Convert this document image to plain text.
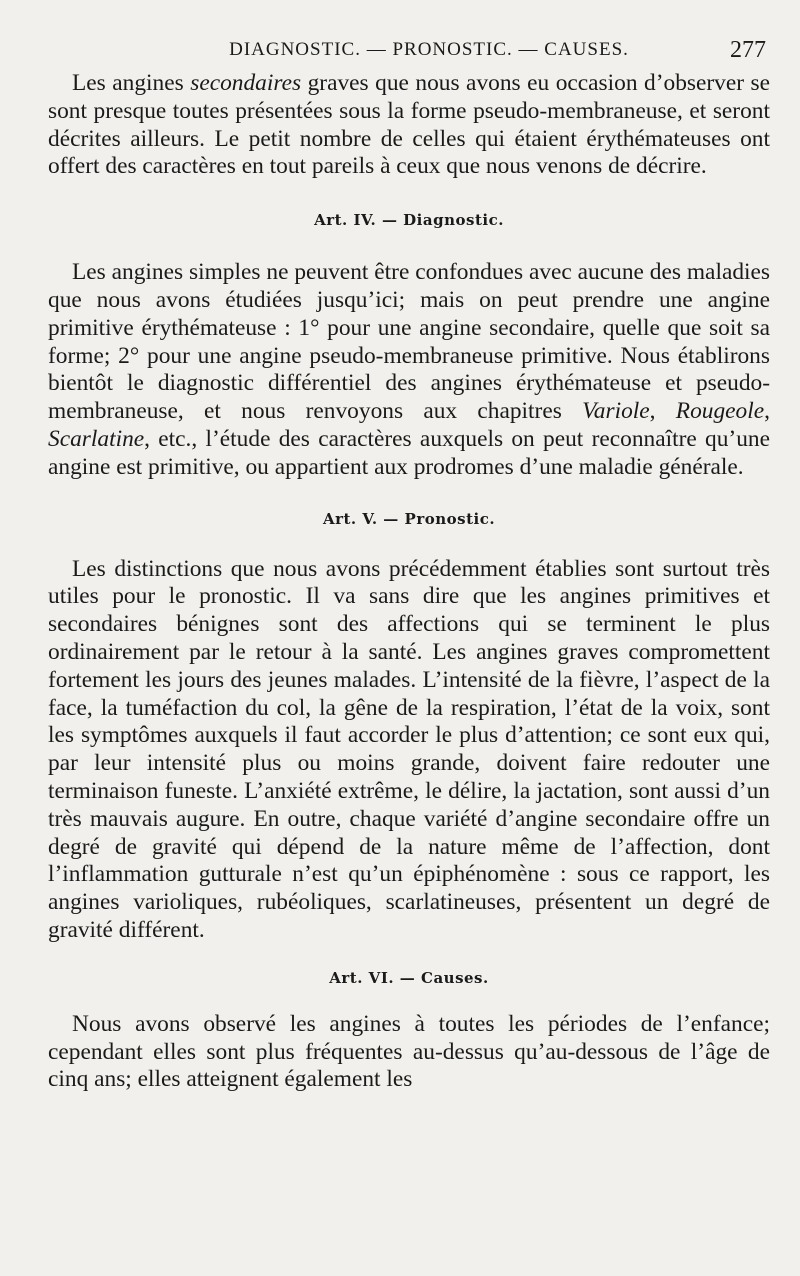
DIAGNOSTIC. — PRONOSTIC. — CAUSES.	277

Les angines secondaires graves que nous avons eu occasion d’observer se sont presque toutes présentées sous la forme pseudo-membraneuse, et seront décrites ailleurs. Le petit nombre de celles qui étaient érythémateuses ont offert des caractères en tout pareils à ceux que nous venons de décrire.

Art. IV. — Diagnostic.

Les angines simples ne peuvent être confondues avec aucune des maladies que nous avons étudiées jusqu’ici; mais on peut prendre une angine primitive érythémateuse : 1° pour une angine secondaire, quelle que soit sa forme; 2° pour une angine pseudo-membraneuse primitive. Nous établirons bientôt le diagnostic différentiel des angines érythémateuse et pseudo-membraneuse, et nous renvoyons aux chapitres Variole, Rougeole, Scarlatine, etc., l’étude des caractères auxquels on peut reconnaître qu’une angine est primitive, ou appartient aux prodromes d’une maladie générale.

Art. V. — Pronostic.

Les distinctions que nous avons précédemment établies sont surtout très utiles pour le pronostic. Il va sans dire que les angines primitives et secondaires bénignes sont des affections qui se terminent le plus ordinairement par le retour à la santé. Les angines graves compromettent fortement les jours des jeunes malades. L’intensité de la fièvre, l’aspect de la face, la tuméfaction du col, la gêne de la respiration, l’état de la voix, sont les symptômes auxquels il faut accorder le plus d’attention; ce sont eux qui, par leur intensité plus ou moins grande, doivent faire redouter une terminaison funeste. L’anxiété extrême, le délire, la jactation, sont aussi d’un très mauvais augure. En outre, chaque variété d’angine secondaire offre un degré de gravité qui dépend de la nature même de l’affection, dont l’inflammation gutturale n’est qu’un épiphénomène : sous ce rapport, les angines varioliques, rubéoliques, scarlatineuses, présentent un degré de gravité différent.

Art. VI. — Causes.

Nous avons observé les angines à toutes les périodes de l’enfance; cependant elles sont plus fréquentes au-dessus qu’au-dessous de l’âge de cinq ans; elles atteignent également les
